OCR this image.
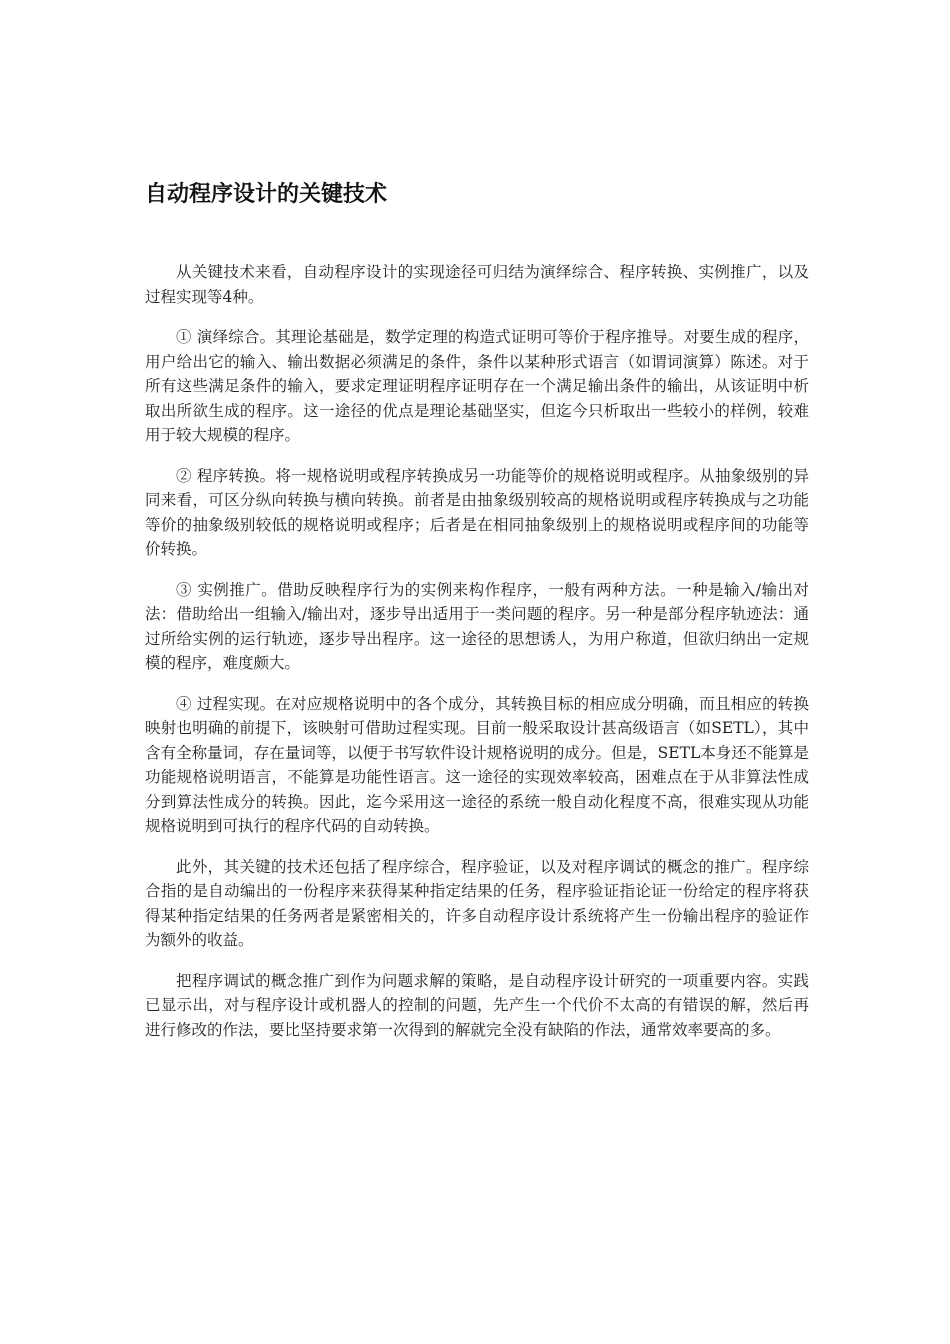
自动程序设计的关键技术

从关键技术来看，自动程序设计的实现途径可归结为演绎综合、程序转换、实例推广，以及过程实现等4种。

① 演绎综合。其理论基础是，数学定理的构造式证明可等价于程序推导。对要生成的程序，用户给出它的输入、输出数据必须满足的条件，条件以某种形式语言（如谓词演算）陈述。对于所有这些满足条件的输入，要求定理证明程序证明存在一个满足输出条件的输出，从该证明中析取出所欲生成的程序。这一途径的优点是理论基础坚实，但迄今只析取出一些较小的样例，较难用于较大规模的程序。

② 程序转换。将一规格说明或程序转换成另一功能等价的规格说明或程序。从抽象级别的异同来看，可区分纵向转换与横向转换。前者是由抽象级别较高的规格说明或程序转换成与之功能等价的抽象级别较低的规格说明或程序；后者是在相同抽象级别上的规格说明或程序间的功能等价转换。

③ 实例推广。借助反映程序行为的实例来构作程序，一般有两种方法。一种是输入/输出对法：借助给出一组输入/输出对，逐步导出适用于一类问题的程序。另一种是部分程序轨迹法：通过所给实例的运行轨迹，逐步导出程序。这一途径的思想诱人，为用户称道，但欲归纳出一定规模的程序，难度颇大。

④ 过程实现。在对应规格说明中的各个成分，其转换目标的相应成分明确，而且相应的转换映射也明确的前提下，该映射可借助过程实现。目前一般采取设计甚高级语言（如SETL），其中含有全称量词，存在量词等，以便于书写软件设计规格说明的成分。但是，SETL本身还不能算是功能规格说明语言，不能算是功能性语言。这一途径的实现效率较高，困难点在于从非算法性成分到算法性成分的转换。因此，迄今采用这一途径的系统一般自动化程度不高，很难实现从功能规格说明到可执行的程序代码的自动转换。

此外，其关键的技术还包括了程序综合，程序验证，以及对程序调试的概念的推广。程序综合指的是自动编出的一份程序来获得某种指定结果的任务，程序验证指论证一份给定的程序将获得某种指定结果的任务两者是紧密相关的，许多自动程序设计系统将产生一份输出程序的验证作为额外的收益。

把程序调试的概念推广到作为问题求解的策略，是自动程序设计研究的一项重要内容。实践已显示出，对与程序设计或机器人的控制的问题，先产生一个代价不太高的有错误的解，然后再进行修改的作法，要比坚持要求第一次得到的解就完全没有缺陷的作法，通常效率要高的多。
